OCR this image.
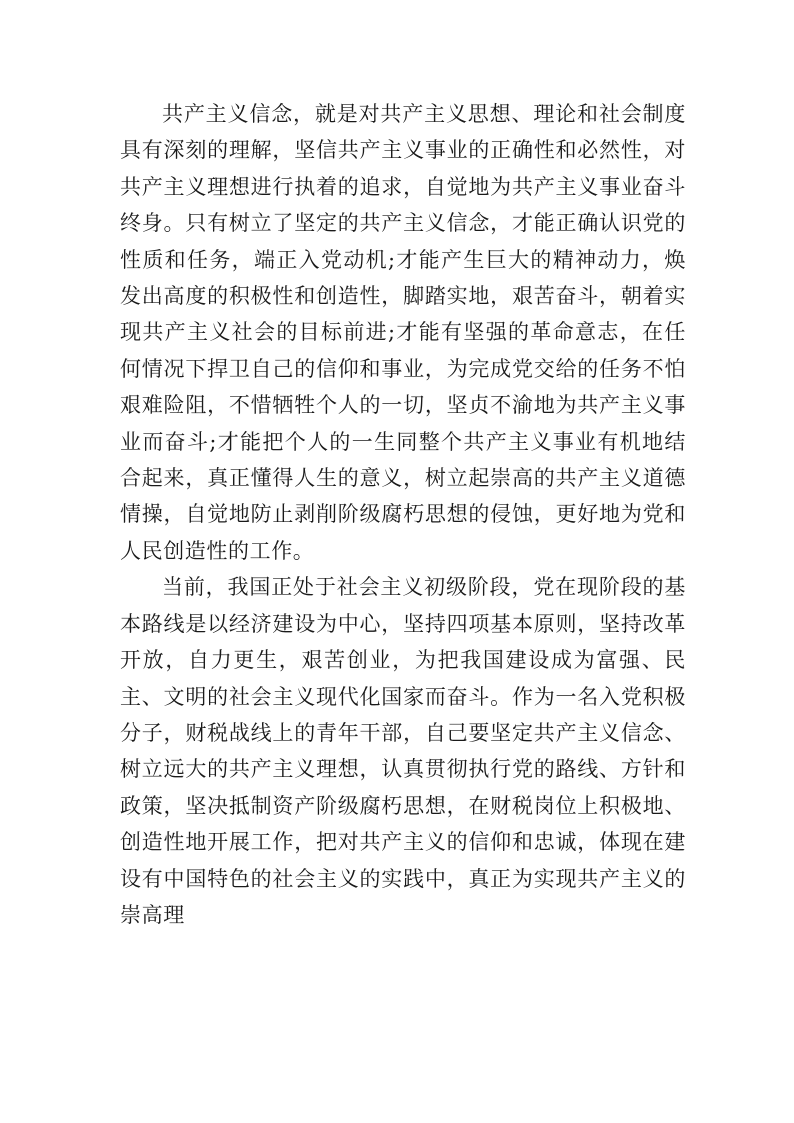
共产主义信念，就是对共产主义思想、理论和社会制度具有深刻的理解，坚信共产主义事业的正确性和必然性，对共产主义理想进行执着的追求，自觉地为共产主义事业奋斗终身。只有树立了坚定的共产主义信念，才能正确认识党的性质和任务，端正入党动机;才能产生巨大的精神动力，焕发出高度的积极性和创造性，脚踏实地，艰苦奋斗，朝着实现共产主义社会的目标前进;才能有坚强的革命意志，在任何情况下捍卫自己的信仰和事业，为完成党交给的任务不怕艰难险阻，不惜牺牲个人的一切，坚贞不渝地为共产主义事业而奋斗;才能把个人的一生同整个共产主义事业有机地结合起来，真正懂得人生的意义，树立起崇高的共产主义道德情操，自觉地防止剥削阶级腐朽思想的侵蚀，更好地为党和人民创造性的工作。

当前，我国正处于社会主义初级阶段，党在现阶段的基本路线是以经济建设为中心，坚持四项基本原则，坚持改革开放，自力更生，艰苦创业，为把我国建设成为富强、民主、文明的社会主义现代化国家而奋斗。作为一名入党积极分子，财税战线上的青年干部，自己要坚定共产主义信念、树立远大的共产主义理想，认真贯彻执行党的路线、方针和政策，坚决抵制资产阶级腐朽思想，在财税岗位上积极地、创造性地开展工作，把对共产主义的信仰和忠诚，体现在建设有中国特色的社会主义的实践中，真正为实现共产主义的崇高理
